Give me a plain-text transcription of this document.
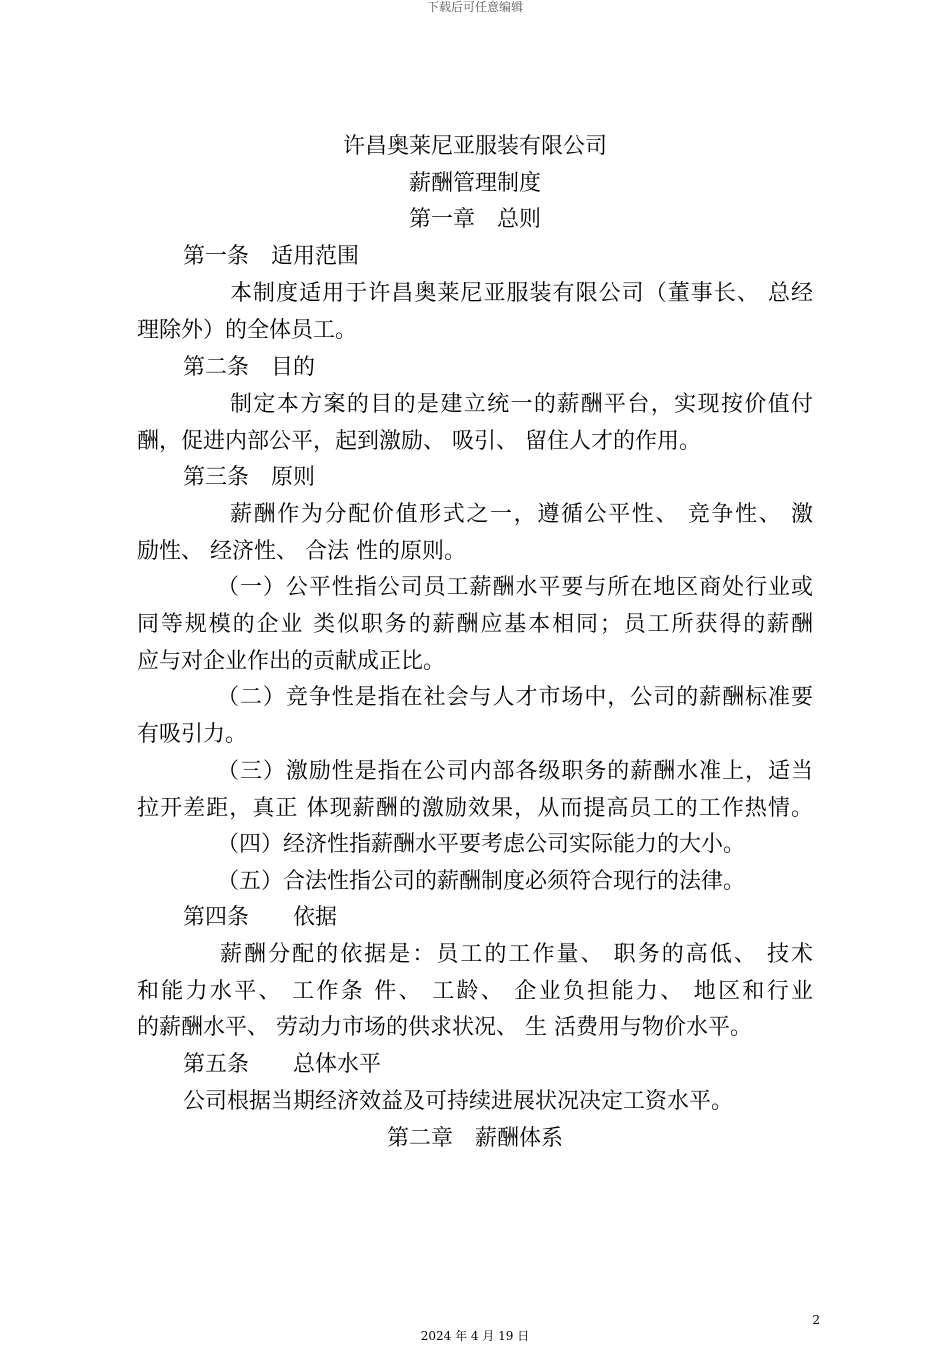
下载后可任意编辑
许昌奥莱尼亚服装有限公司
薪酬管理制度
第一章　总则
第一条　适用范围
本制度适用于许昌奥莱尼亚服装有限公司（董事长、 总经
理除外）的全体员工。
第二条　目的
制定本方案的目的是建立统一的薪酬平台，实现按价值付
酬，促进内部公平，起到激励、 吸引、 留住人才的作用。
第三条　原则
薪酬作为分配价值形式之一，遵循公平性、 竞争性、 激
励性、 经济性、 合法 性的原则。
（一）公平性指公司员工薪酬水平要与所在地区商处行业或
同等规模的企业 类似职务的薪酬应基本相同；员工所获得的薪酬
应与对企业作出的贡献成正比。
（二）竞争性是指在社会与人才市场中，公司的薪酬标准要
有吸引力。
（三）激励性是指在公司内部各级职务的薪酬水准上，适当
拉开差距，真正 体现薪酬的激励效果，从而提高员工的工作热情。
（四）经济性指薪酬水平要考虑公司实际能力的大小。
（五）合法性指公司的薪酬制度必须符合现行的法律。
第四条　　依据
薪酬分配的依据是：员工的工作量、 职务的高低、 技术
和能力水平、 工作条 件、 工龄、 企业负担能力、 地区和行业
的薪酬水平、 劳动力市场的供求状况、 生 活费用与物价水平。
第五条　　总体水平
公司根据当期经济效益及可持续进展状况决定工资水平。
第二章　薪酬体系
2
2024 年 4 月 19 日
